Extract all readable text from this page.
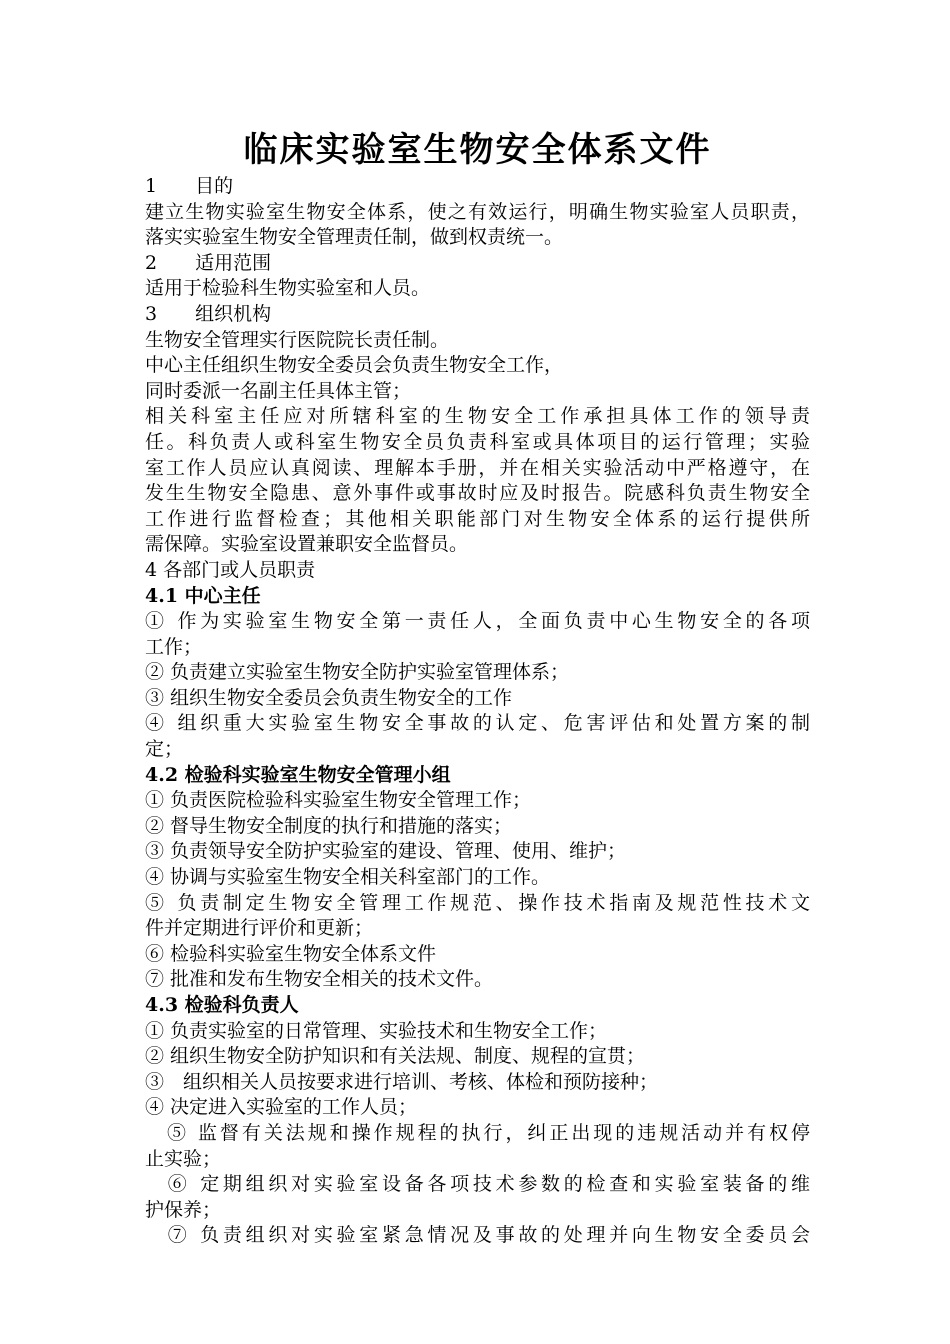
临床实验室生物安全体系文件
1　　目的
建立生物实验室生物安全体系，使之有效运行，明确生物实验室人员职责，
落实实验室生物安全管理责任制，做到权责统一。
2　　适用范围
适用于检验科生物实验室和人员。
3　　组织机构
生物安全管理实行医院院长责任制。
中心主任组织生物安全委员会负责生物安全工作，
同时委派一名副主任具体主管；
相关科室主任应对所辖科室的生物安全工作承担具体工作的领导责
任。科负责人或科室生物安全员负责科室或具体项目的运行管理；实验
室工作人员应认真阅读、理解本手册，并在相关实验活动中严格遵守，在
发生生物安全隐患、意外事件或事故时应及时报告。院感科负责生物安全
工作进行监督检查；其他相关职能部门对生物安全体系的运行提供所
需保障。实验室设置兼职安全监督员。
4 各部门或人员职责
4.1 中心主任
① 作为实验室生物安全第一责任人，全面负责中心生物安全的各项
工作；
② 负责建立实验室生物安全防护实验室管理体系；
③ 组织生物安全委员会负责生物安全的工作
④ 组织重大实验室生物安全事故的认定、危害评估和处置方案的制
定；
4.2 检验科实验室生物安全管理小组
① 负责医院检验科实验室生物安全管理工作；
② 督导生物安全制度的执行和措施的落实；
③ 负责领导安全防护实验室的建设、管理、使用、维护；
④ 协调与实验室生物安全相关科室部门的工作。
⑤ 负责制定生物安全管理工作规范、操作技术指南及规范性技术文
件并定期进行评价和更新；
⑥ 检验科实验室生物安全体系文件
⑦ 批准和发布生物安全相关的技术文件。
4.3 检验科负责人
① 负责实验室的日常管理、实验技术和生物安全工作；
② 组织生物安全防护知识和有关法规、制度、规程的宣贯；
③　组织相关人员按要求进行培训、考核、体检和预防接种；
④ 决定进入实验室的工作人员；
　⑤ 监督有关法规和操作规程的执行，纠正出现的违规活动并有权停
止实验；
　⑥ 定期组织对实验室设备各项技术参数的检查和实验室装备的维
护保养；
　⑦ 负责组织对实验室紧急情况及事故的处理并向生物安全委员会
